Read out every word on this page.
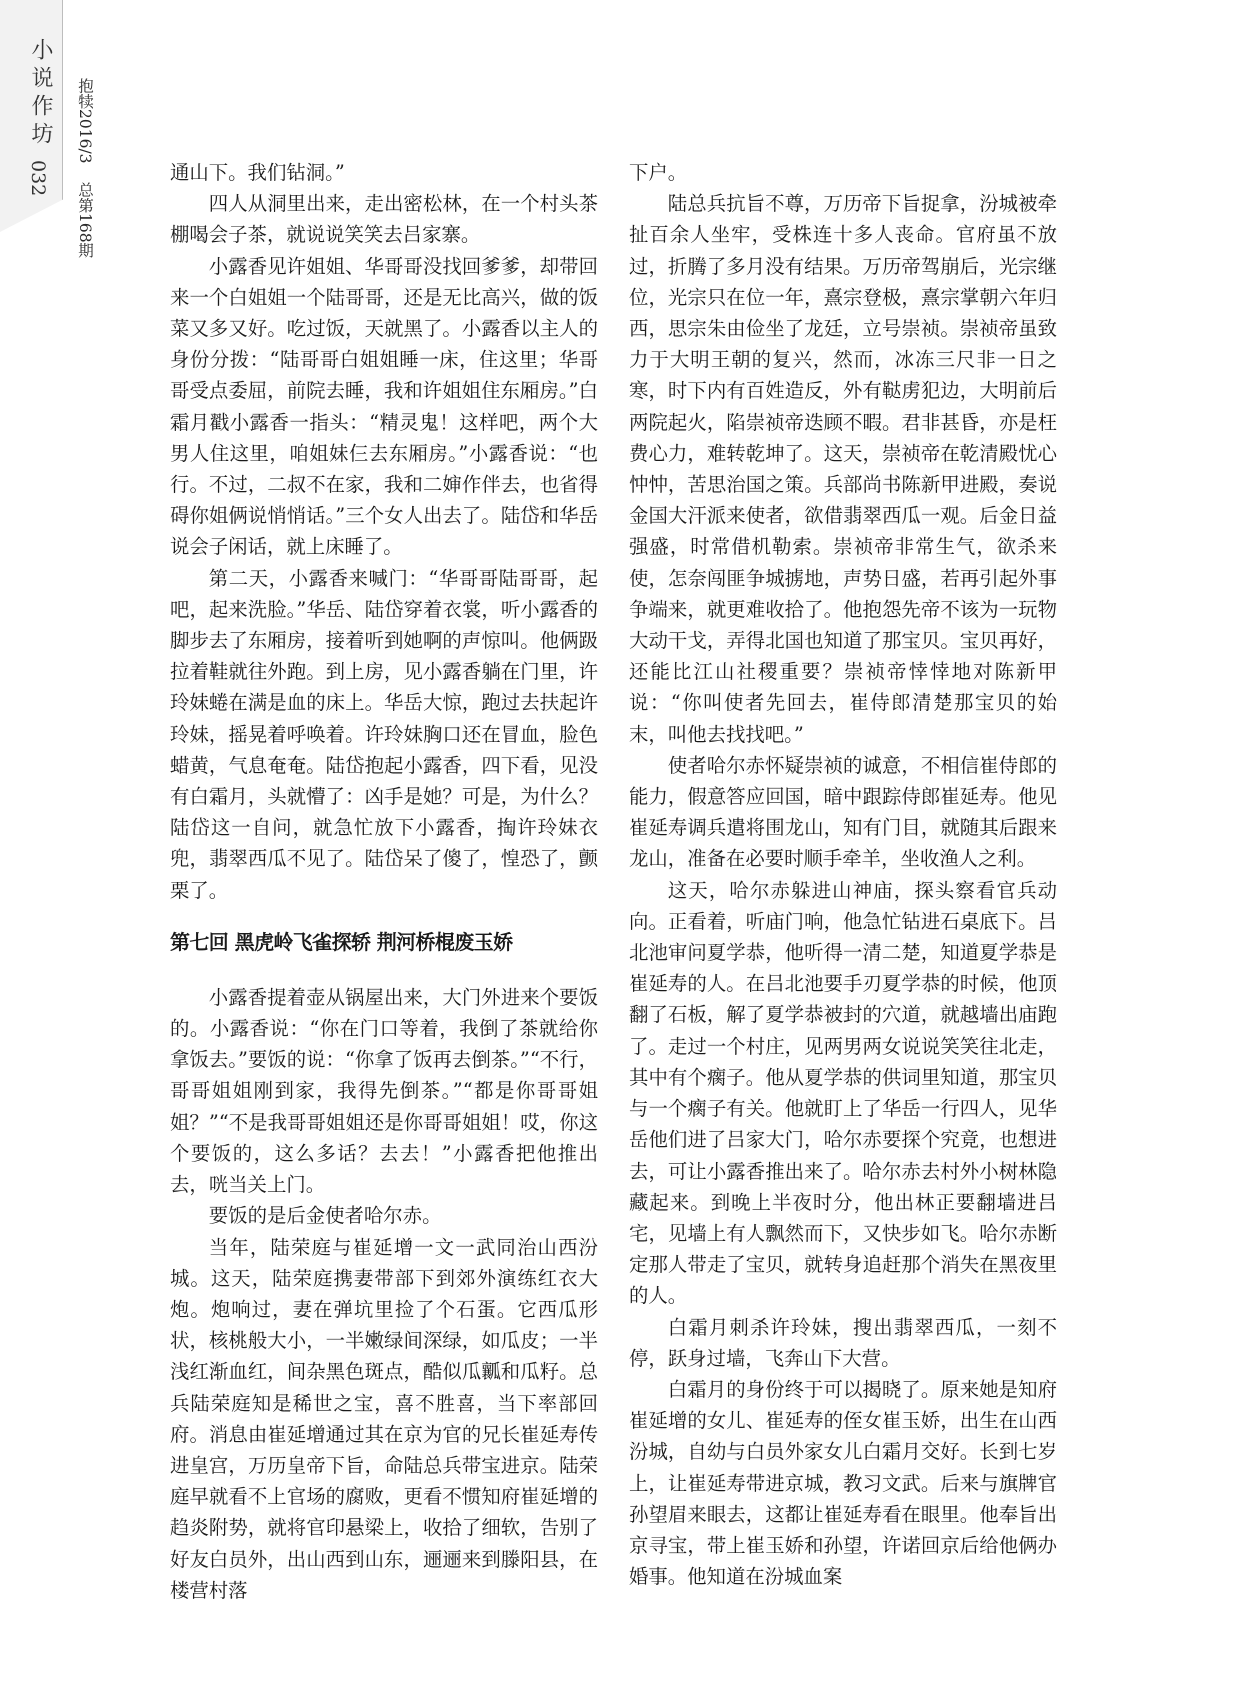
小说作坊
032
抱犊2016/3
总第168期

通山下。我们钻洞。”

四人从洞里出来，走出密松林，在一个村头茶棚喝会子茶，就说说笑笑去吕家寨。

小露香见许姐姐、华哥哥没找回爹爹，却带回来一个白姐姐一个陆哥哥，还是无比高兴，做的饭菜又多又好。吃过饭，天就黑了。小露香以主人的身份分拨：“陆哥哥白姐姐睡一床，住这里；华哥哥受点委屈，前院去睡，我和许姐姐住东厢房。”白霜月戳小露香一指头：“精灵鬼！这样吧，两个大男人住这里，咱姐妹仨去东厢房。”小露香说：“也行。不过，二叔不在家，我和二婶作伴去，也省得碍你姐俩说悄悄话。”三个女人出去了。陆岱和华岳说会子闲话，就上床睡了。

第二天，小露香来喊门：“华哥哥陆哥哥，起吧，起来洗脸。”华岳、陆岱穿着衣裳，听小露香的脚步去了东厢房，接着听到她啊的声惊叫。他俩趿拉着鞋就往外跑。到上房，见小露香躺在门里，许玲妹蜷在满是血的床上。华岳大惊，跑过去扶起许玲妹，摇晃着呼唤着。许玲妹胸口还在冒血，脸色蜡黄，气息奄奄。陆岱抱起小露香，四下看，见没有白霜月，头就懵了：凶手是她？可是，为什么？陆岱这一自问，就急忙放下小露香，掏许玲妹衣兜，翡翠西瓜不见了。陆岱呆了傻了，惶恐了，颤栗了。

第七回 黑虎岭飞雀探轿 荆河桥棍废玉娇

小露香提着壶从锅屋出来，大门外进来个要饭的。小露香说：“你在门口等着，我倒了茶就给你拿饭去。”要饭的说：“你拿了饭再去倒茶。”“不行，哥哥姐姐刚到家，我得先倒茶。”“都是你哥哥姐姐？”“不是我哥哥姐姐还是你哥哥姐姐！哎，你这个要饭的，这么多话？去去！”小露香把他推出去，咣当关上门。

要饭的是后金使者哈尔赤。

当年，陆荣庭与崔延增一文一武同治山西汾城。这天，陆荣庭携妻带部下到郊外演练红衣大炮。炮响过，妻在弹坑里捡了个石蛋。它西瓜形状，核桃般大小，一半嫩绿间深绿，如瓜皮；一半浅红渐血红，间杂黑色斑点，酷似瓜瓤和瓜籽。总兵陆荣庭知是稀世之宝，喜不胜喜，当下率部回府。消息由崔延增通过其在京为官的兄长崔延寿传进皇宫，万历皇帝下旨，命陆总兵带宝进京。陆荣庭早就看不上官场的腐败，更看不惯知府崔延增的趋炎附势，就将官印悬梁上，收拾了细软，告别了好友白员外，出山西到山东，逦逦来到滕阳县，在楼营村落

下户。

陆总兵抗旨不尊，万历帝下旨捉拿，汾城被牵扯百余人坐牢，受株连十多人丧命。官府虽不放过，折腾了多月没有结果。万历帝驾崩后，光宗继位，光宗只在位一年，熹宗登极，熹宗掌朝六年归西，思宗朱由俭坐了龙廷，立号崇祯。崇祯帝虽致力于大明王朝的复兴，然而，冰冻三尺非一日之寒，时下内有百姓造反，外有鞑虏犯边，大明前后两院起火，陷崇祯帝迭顾不暇。君非甚昏，亦是枉费心力，难转乾坤了。这天，崇祯帝在乾清殿忧心忡忡，苦思治国之策。兵部尚书陈新甲进殿，奏说金国大汗派来使者，欲借翡翠西瓜一观。后金日益强盛，时常借机勒索。崇祯帝非常生气，欲杀来使，怎奈闯匪争城掳地，声势日盛，若再引起外事争端来，就更难收拾了。他抱怨先帝不该为一玩物大动干戈，弄得北国也知道了那宝贝。宝贝再好，还能比江山社稷重要？崇祯帝悻悻地对陈新甲说：“你叫使者先回去，崔侍郎清楚那宝贝的始末，叫他去找找吧。”

使者哈尔赤怀疑崇祯的诚意，不相信崔侍郎的能力，假意答应回国，暗中跟踪侍郎崔延寿。他见崔延寿调兵遣将围龙山，知有门目，就随其后跟来龙山，准备在必要时顺手牵羊，坐收渔人之利。

这天，哈尔赤躲进山神庙，探头察看官兵动向。正看着，听庙门响，他急忙钻进石桌底下。吕北池审问夏学恭，他听得一清二楚，知道夏学恭是崔延寿的人。在吕北池要手刃夏学恭的时候，他顶翻了石板，解了夏学恭被封的穴道，就越墙出庙跑了。走过一个村庄，见两男两女说说笑笑往北走，其中有个瘸子。他从夏学恭的供词里知道，那宝贝与一个瘸子有关。他就盯上了华岳一行四人，见华岳他们进了吕家大门，哈尔赤要探个究竟，也想进去，可让小露香推出来了。哈尔赤去村外小树林隐藏起来。到晚上半夜时分，他出林正要翻墙进吕宅，见墙上有人飘然而下，又快步如飞。哈尔赤断定那人带走了宝贝，就转身追赶那个消失在黑夜里的人。

白霜月刺杀许玲妹，搜出翡翠西瓜，一刻不停，跃身过墙，飞奔山下大营。

白霜月的身份终于可以揭晓了。原来她是知府崔延增的女儿、崔延寿的侄女崔玉娇，出生在山西汾城，自幼与白员外家女儿白霜月交好。长到七岁上，让崔延寿带进京城，教习文武。后来与旗牌官孙望眉来眼去，这都让崔延寿看在眼里。他奉旨出京寻宝，带上崔玉娇和孙望，许诺回京后给他俩办婚事。他知道在汾城血案
